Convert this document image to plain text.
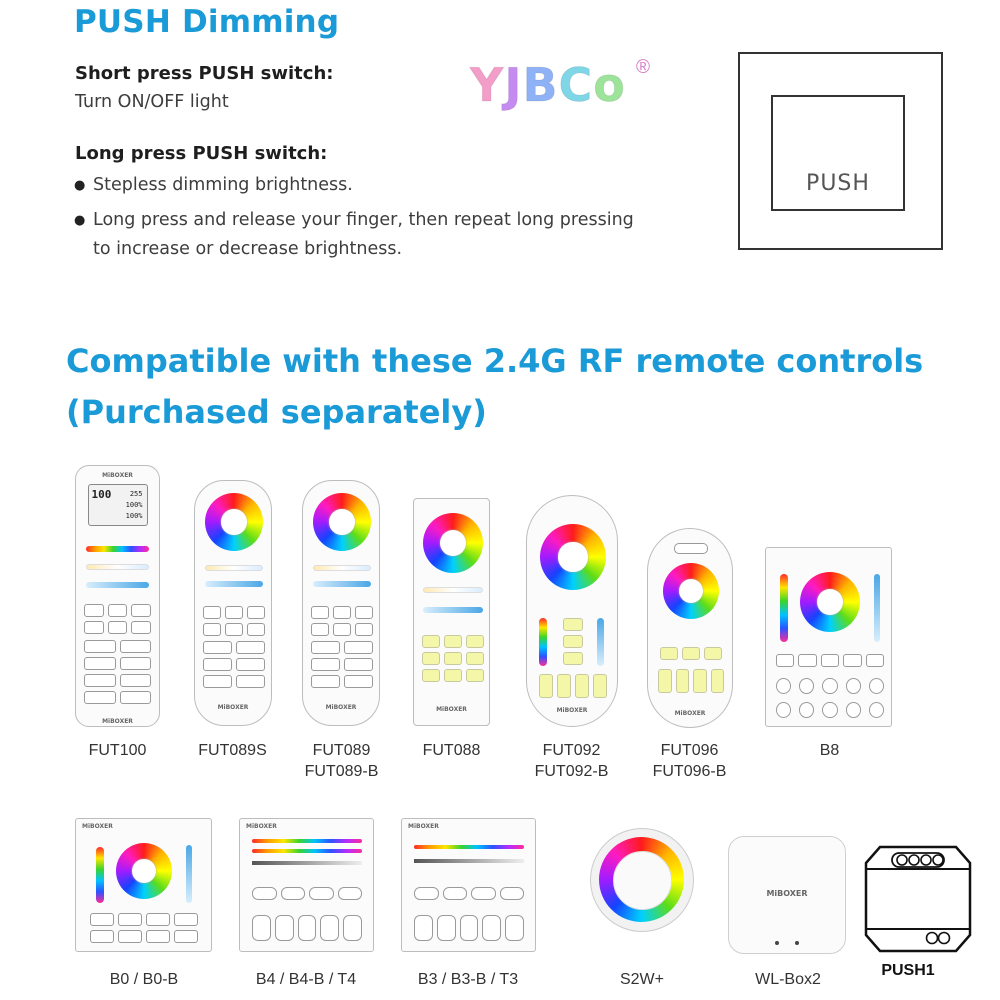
PUSH Dimming
Short press PUSH switch:
Turn ON/OFF light
Long press PUSH switch:
● Stepless dimming brightness.
● Long press and release your finger, then repeat long pressing
to increase or decrease brightness.
YJBCo ®
PUSH
Compatible with these 2.4G RF remote controls
(Purchased separately)
MiBOXER
100	255
100%
100%
MiBOXER
MiBOXER	MiBOXER	MiBOXER	MiBOXER	MiBOXER
FUT100	FUT089S	FUT089
FUT089-B
FUT088	FUT092
FUT092-B
FUT096
FUT096-B
B8
MiBOXER	MiBOXER	MiBOXER
MiBOXER
B0 / B0-B	B4 / B4-B / T4	B3 / B3-B / T3	S2W+	WL-Box2
PUSH1
